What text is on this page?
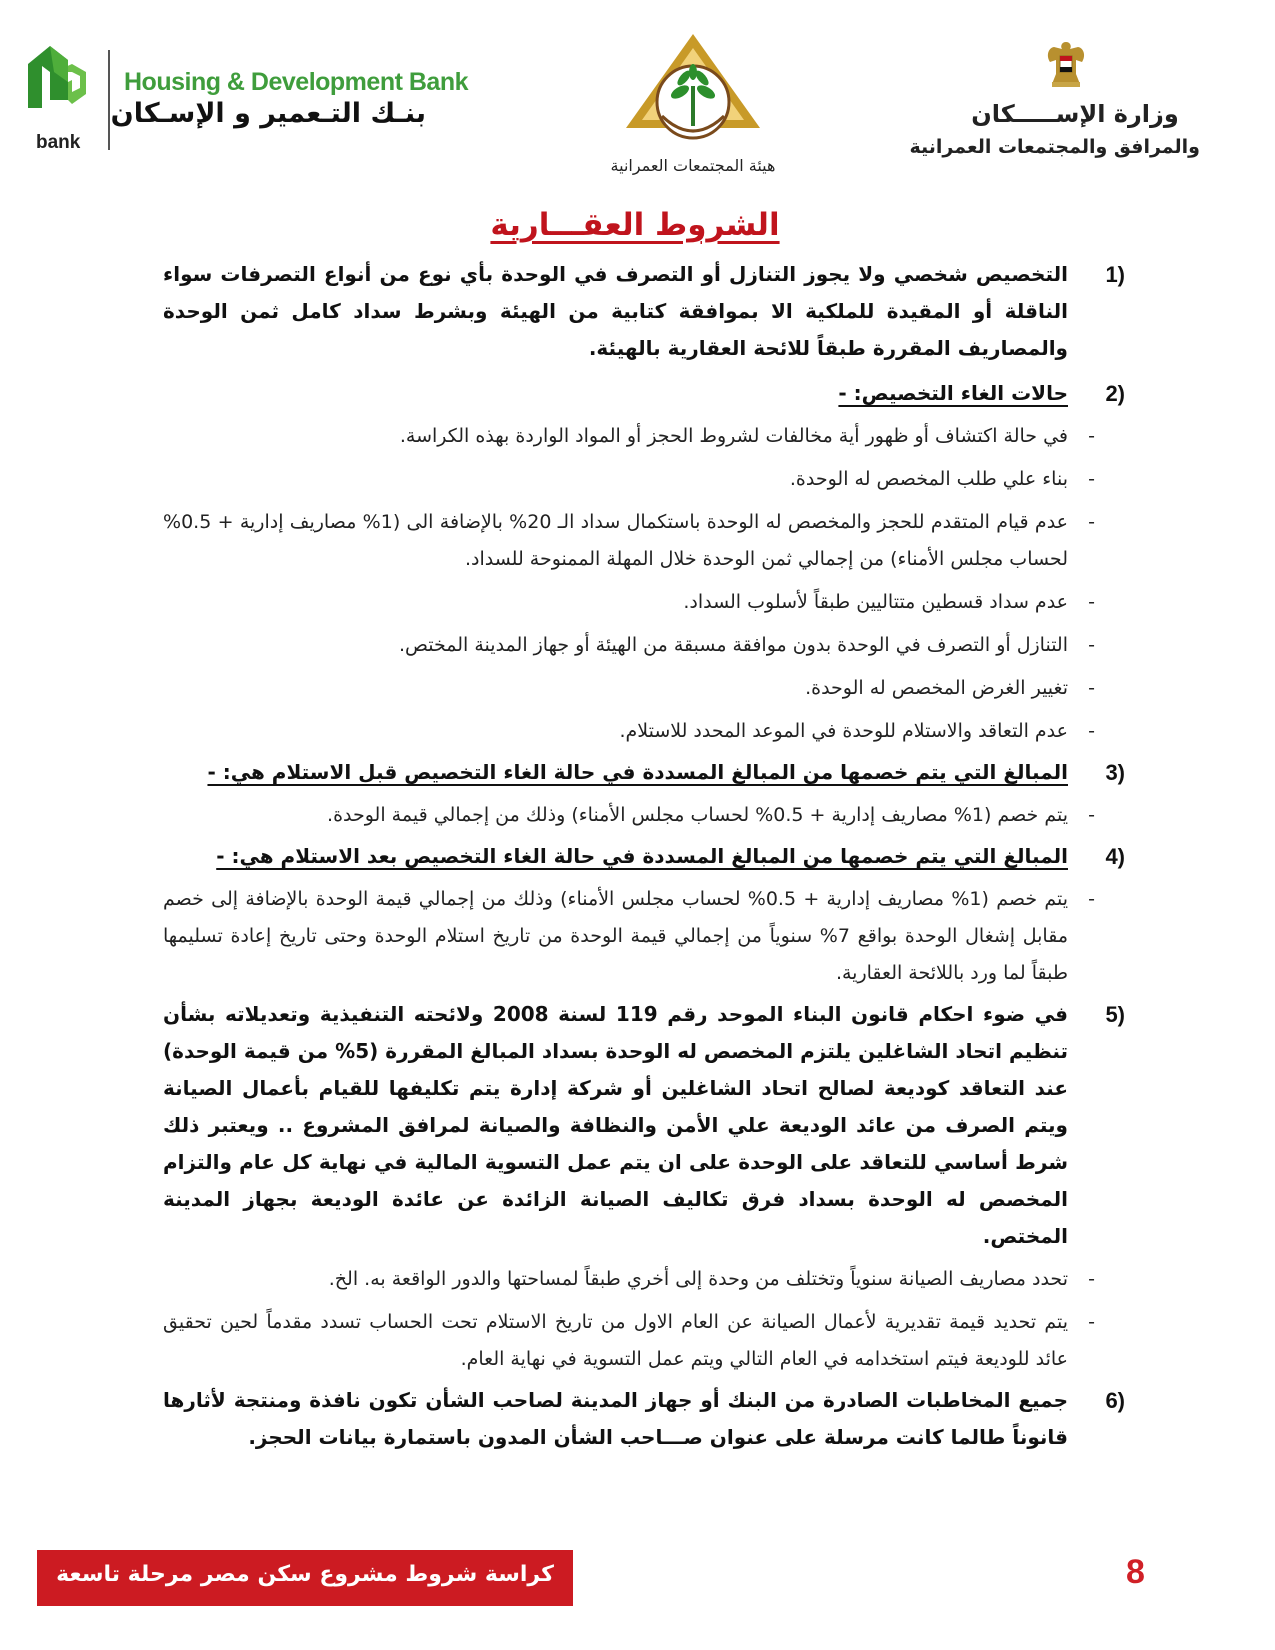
bank
Housing & Development Bank
بنـك التـعمير و الإسـكان
هيئة المجتمعات العمرانية
وزارة الإســـــكان
والمرافق والمجتمعات العمرانية
الشروط العقـــارية
1)
التخصيص شخصي ولا يجوز التنازل أو التصرف في الوحدة بأي نوع من أنواع التصرفات سواء الناقلة أو المقيدة للملكية الا بموافقة كتابية من الهيئة وبشرط سداد كامل ثمن الوحدة والمصاريف المقررة طبقاً للائحة العقارية بالهيئة.
2)
حالات الغاء التخصيص: -
-
في حالة اكتشاف أو ظهور أية مخالفات لشروط الحجز أو المواد الواردة بهذه الكراسة.
-
بناء علي طلب المخصص له الوحدة.
-
عدم قيام المتقدم للحجز والمخصص له الوحدة باستكمال سداد الـ 20% بالإضافة الى (1% مصاريف إدارية + 0.5% لحساب مجلس الأمناء) من إجمالي ثمن الوحدة خلال المهلة الممنوحة للسداد.
-
عدم سداد قسطين متتاليين طبقاً لأسلوب السداد.
-
التنازل أو التصرف في الوحدة بدون موافقة مسبقة من الهيئة أو جهاز المدينة المختص.
-
تغيير الغرض المخصص له الوحدة.
-
عدم التعاقد والاستلام للوحدة في الموعد المحدد للاستلام.
3)
المبالغ التي يتم خصمها من المبالغ المسددة في حالة الغاء التخصيص قبل الاستلام هي: -
-
يتم خصم (1% مصاريف إدارية + 0.5% لحساب مجلس الأمناء) وذلك من إجمالي قيمة الوحدة.
4)
المبالغ التي يتم خصمها من المبالغ المسددة في حالة الغاء التخصيص بعد الاستلام هي: -
-
يتم خصم (1% مصاريف إدارية + 0.5% لحساب مجلس الأمناء) وذلك من إجمالي قيمة الوحدة بالإضافة إلى خصم مقابل إشغال الوحدة بواقع 7% سنوياً من إجمالي قيمة الوحدة من تاريخ استلام الوحدة وحتى تاريخ إعادة تسليمها طبقاً لما ورد باللائحة العقارية.
5)
في ضوء احكام قانون البناء الموحد رقم 119 لسنة 2008 ولائحته التنفيذية وتعديلاته بشأن تنظيم اتحاد الشاغلين يلتزم المخصص له الوحدة بسداد المبالغ المقررة (5% من قيمة الوحدة) عند التعاقد كوديعة لصالح اتحاد الشاغلين أو شركة إدارة يتم تكليفها للقيام بأعمال الصيانة ويتم الصرف من عائد الوديعة علي الأمن والنظافة والصيانة لمرافق المشروع .. ويعتبر ذلك شرط أساسي للتعاقد على الوحدة على ان يتم عمل التسوية المالية في نهاية كل عام والتزام المخصص له الوحدة بسداد فرق تكاليف الصيانة الزائدة عن عائدة الوديعة بجهاز المدينة المختص.
-
تحدد مصاريف الصيانة سنوياً وتختلف من وحدة إلى أخري طبقاً لمساحتها والدور الواقعة به. الخ.
-
يتم تحديد قيمة تقديرية لأعمال الصيانة عن العام الاول من تاريخ الاستلام تحت الحساب تسدد مقدماً لحين تحقيق عائد للوديعة فيتم استخدامه في العام التالي ويتم عمل التسوية في نهاية العام.
6)
جميع المخاطبات الصادرة من البنك أو جهاز المدينة لصاحب الشأن تكون نافذة ومنتجة لأثارها قانوناً طالما كانت مرسلة على عنوان صـــاحب الشأن المدون باستمارة بيانات الحجز.
كراسة شروط مشروع سكن مصر مرحلة تاسعة	8
